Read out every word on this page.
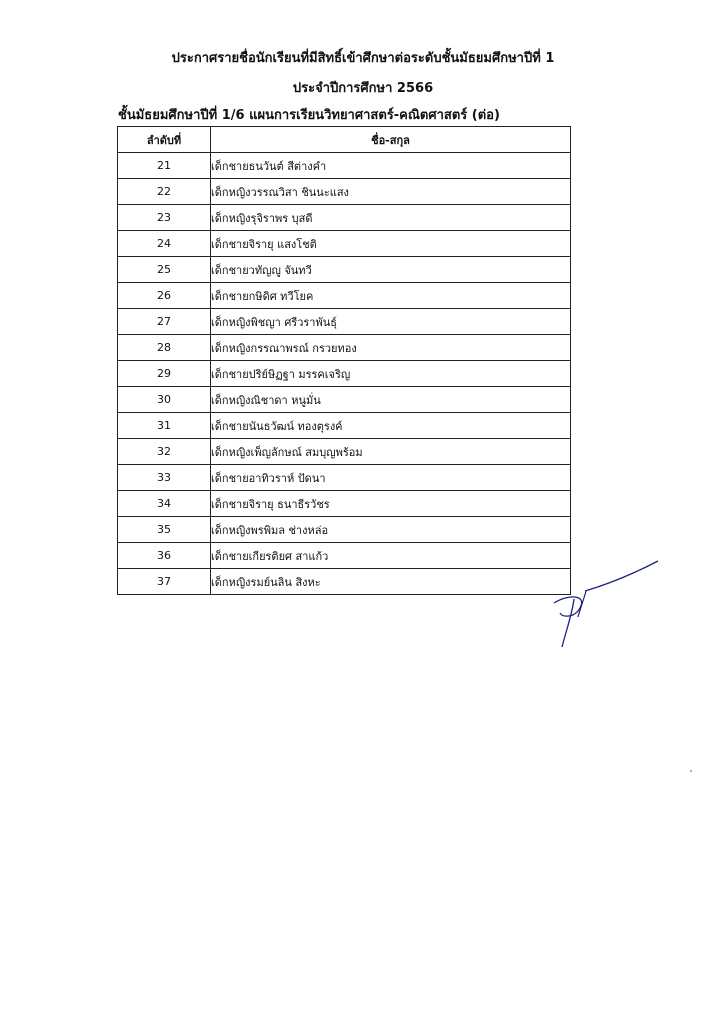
ประกาศรายชื่อนักเรียนที่มีสิทธิ์เข้าศึกษาต่อระดับชั้นมัธยมศึกษาปีที่ 1
ประจำปีการศึกษา 2566
ชั้นมัธยมศึกษาปีที่ 1/6 แผนการเรียนวิทยาศาสตร์-คณิตศาสตร์ (ต่อ)
ลำดับที่	ชื่อ-สกุล
21	เด็กชายธนวันต์ สีต่างคำ
22	เด็กหญิงวรรณวิสา ชินนะแสง
23	เด็กหญิงรุจิราพร บุสดี
24	เด็กชายจิรายุ แสงโชติ
25	เด็กชายวทัญญู จันทวี
26	เด็กชายกษิดิศ ทวีโยค
27	เด็กหญิงพิชญา ศรีวราพันธุ์
28	เด็กหญิงกรรณาพรณ์ กรวยทอง
29	เด็กชายปริย์ษิฏฐา มรรคเจริญ
30	เด็กหญิงณิชาดา หนูมั่น
31	เด็กชายนันธวัฒน์ ทองตุรงค์
32	เด็กหญิงเพ็ญลักษณ์ สมบุญพร้อม
33	เด็กชายอาทิวราห์ ปัดนา
34	เด็กชายจิรายุ ธนาธีรวัชร
35	เด็กหญิงพรพิมล ช่างหล่อ
36	เด็กชายเกียรติยศ สาแก้ว
37	เด็กหญิงรมย์นลิน สิงหะ
